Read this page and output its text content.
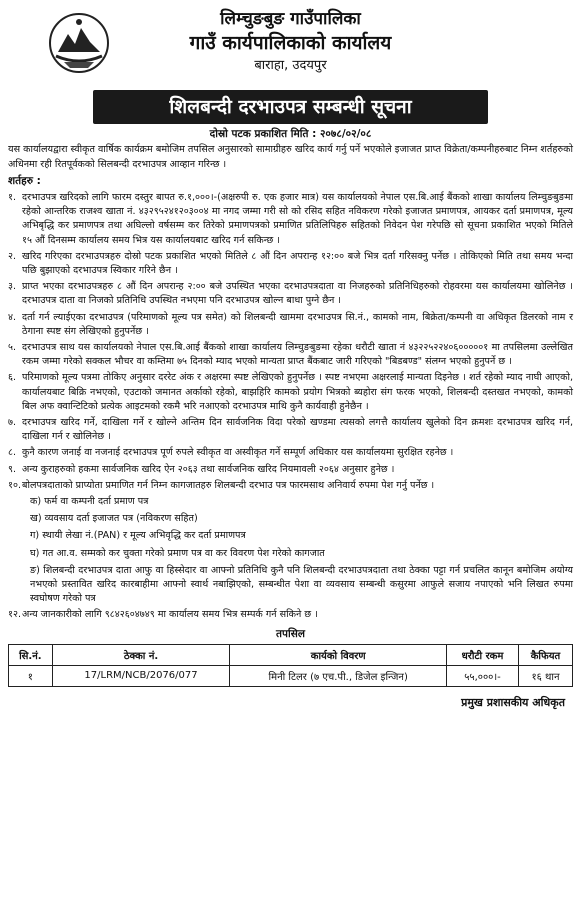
लिम्चुङबुङ गाउँपालिका
गाउँ कार्यपालिकाको कार्यालय
बाराहा, उदयपुर
शिलबन्दी दरभाउपत्र सम्बन्धी सूचना
दोस्रो पटक प्रकाशित मिति : २०७८/०२/०८
यस कार्यालयद्वारा स्वीकृत वार्षिक कार्यक्रम बमोजिम तपसिल अनुसारको सामाग्रीहरु खरिद कार्य गर्नु पर्ने भएकोले इजाजत प्राप्त विक्रेता/कम्पनीहरुबाट निम्न शर्तहरुको अधिनमा रही रितपूर्वकको सिलबन्दी दरभाउपत्र आव्हान गरिन्छ ।
शर्तहरु :
१. दरभाउपत्र खरिदको लागि फारम दस्तुर बापत रु.१,०००।-(अक्षरुपी रु. एक हजार मात्र) यस कार्यालयको नेपाल एस.बि.आई बैंकको शाखा कार्यालय लिम्चुङबुङमा रहेको आन्तरिक राजश्व खाता नं. ४३२९५२४१२०३००४ मा नगद जम्मा गरी सो को रसिद सहित नविकरण गरेको इजाजत प्रमाणपत्र, आयकर दर्ता प्रमाणपत्र, मूल्य अभिबृद्धि कर प्रमाणपत्र तथा अघिल्लो वर्षसम्म कर तिरेको प्रमाणपत्रको प्रमाणित प्रतिलिपिहरु सहितको निवेदन पेश गरेपछि सो सूचना प्रकाशित भएको मितिले १५ औं दिनसम्म कार्यालय समय भित्र यस कार्यालयबाट खरिद गर्न सकिन्छ ।
२. खरिद गरिएका दरभाउपत्रहरु दोस्रो पटक प्रकाशित भएको मितिले ८ औं दिन अपरान्ह १२:०० बजे भित्र दर्ता गरिसक्नु पर्नेछ । तोकिएको मिति तथा समय भन्दा पछि बुझाएको दरभाउपत्र स्विकार गरिने छैन ।
३. प्राप्त भएका दरभाउपत्रहरु ८ औं दिन अपरान्ह २:०० बजे उपस्थित भएका दरभाउपत्रदाता वा निजहरुको प्रतिनिधिहरुको रोहवरमा यस कार्यालयमा खोलिनेछ । दरभाउपत्र दाता वा निजको प्रतिनिधि उपस्थित नभएमा पनि दरभाउपत्र खोल्न बाधा पुग्ने छैन ।
४. दर्ता गर्न ल्याईएका दरभाउपत्र (परिमाणको मूल्य पत्र समेत) को शिलबन्दी खाममा दरभाउपत्र सि.नं., कामको नाम, बिक्रेता/कम्पनी वा अधिकृत डिलरको नाम र ठेगाना स्पष्ट संग लेखिएको हुनुपर्नेछ ।
५. दरभाउपत्र साथ यस कार्यालयको नेपाल एस.बि.आई बैंकको शाखा कार्यालय लिम्चुङबुङमा रहेका धरौटी खाता नं ४३२२५२२४०६०००००१ मा तपसिलमा उल्लेखित रकम जम्मा गरेको सक्कल भौचर वा कम्तिमा ७५ दिनको म्याद भएको मान्यता प्राप्त बैंकबाट जारी गरिएको "बिडबण्ड" संलग्न भएको हुनुपर्ने छ ।
६. परिमाणको मूल्य पत्रमा तोकिए अनुसार दररेट अंक र अक्षरमा स्पष्ट लेखिएको हुनुपर्नेछ । स्पष्ट नभएमा अक्षरलाई मान्यता दिइनेछ । शर्त रहेको म्याद नाघी आएको, कार्यालयबाट बिक्रि नभएको, एउटाको जमानत अर्काको रहेको, बाझहिरि कामको प्रयोग भित्रको ब्यहोरा संग फरक भएको, शिलबन्दी दस्तखत नभएको, कामको बिल अफ क्वान्टिटिको प्रत्येक आइटमको रकमै भरि नआएको दरभाउपत्र माथि कुनै कार्यवाही हुनेछैन ।
७. दरभाउपत्र खरिद गर्ने, दाखिला गर्ने र खोल्ने अन्तिम दिन सार्वजनिक विदा परेको खण्डमा त्यसको लगत्तै कार्यालय खुलेको दिन क्रमशः दरभाउपत्र खरिद गर्न, दाखिला गर्न र खोलिनेछ ।
८. कुनै कारण जनाई वा नजनाई दरभाउपत्र पूर्ण रुपले स्वीकृत वा अस्वीकृत गर्ने सम्पूर्ण अधिकार यस कार्यालयमा सुरक्षित रहनेछ ।
९. अन्य कुराहरुको हकमा सार्वजनिक खरिद ऐन २०६३ तथा सार्वजनिक खरिद नियमावली २०६४ अनुसार हुनेछ ।
१०. बोलपत्रदाताको प्राप्योता प्रमाणित गर्न निम्न कागजातहरु शिलबन्दी दरभाउ पत्र फारमसाथ अनिवार्य रुपमा पेश गर्नु पर्नेछ ।
क) फर्म वा कम्पनी दर्ता प्रमाण पत्र
ख) व्यवसाय दर्ता इजाजत पत्र (नविकरण सहित)
ग) स्थायी लेखा नं.(PAN) र मूल्य अभिवृद्धि कर दर्ता प्रमाणपत्र
घ) गत आ.व. सम्मको कर चुक्ता गरेको प्रमाण पत्र वा कर विवरण पेश गरेको कागजात
ङ) शिलबन्दी दरभाउपत्र दाता आफु वा हिस्सेदार वा आफ्नो प्रतिनिधि कुनै पनि शिलबन्दी दरभाउपत्रदाता तथा ठेक्का पट्टा गर्न प्रचलित कानून बमोजिम अयोग्य नभएको प्रस्तावित खरिद कारबाहीमा आफ्नो स्वार्थ नबाझिएको, सम्बन्धीत पेशा वा व्यवसाय सम्बन्धी कसुरमा आफुले सजाय नपाएको भनि लिखत रुपमा स्वघोषण गरेको पत्र
१२. अन्य जानकारीको लागि ९८४२६०४७४९ मा कार्यालय समय भित्र सम्पर्क गर्न सकिने छ ।
तपसिल
सि.नं.	ठेक्का नं.	कार्यको विवरण	धरौटी रकम	कैफियत
१	17/LRM/NCB/2076/077	मिनी टिलर (७ एच.पी., डिजेल इन्जिन)	५५,०००।-	१६ थान
प्रमुख प्रशासकीय अधिकृत
